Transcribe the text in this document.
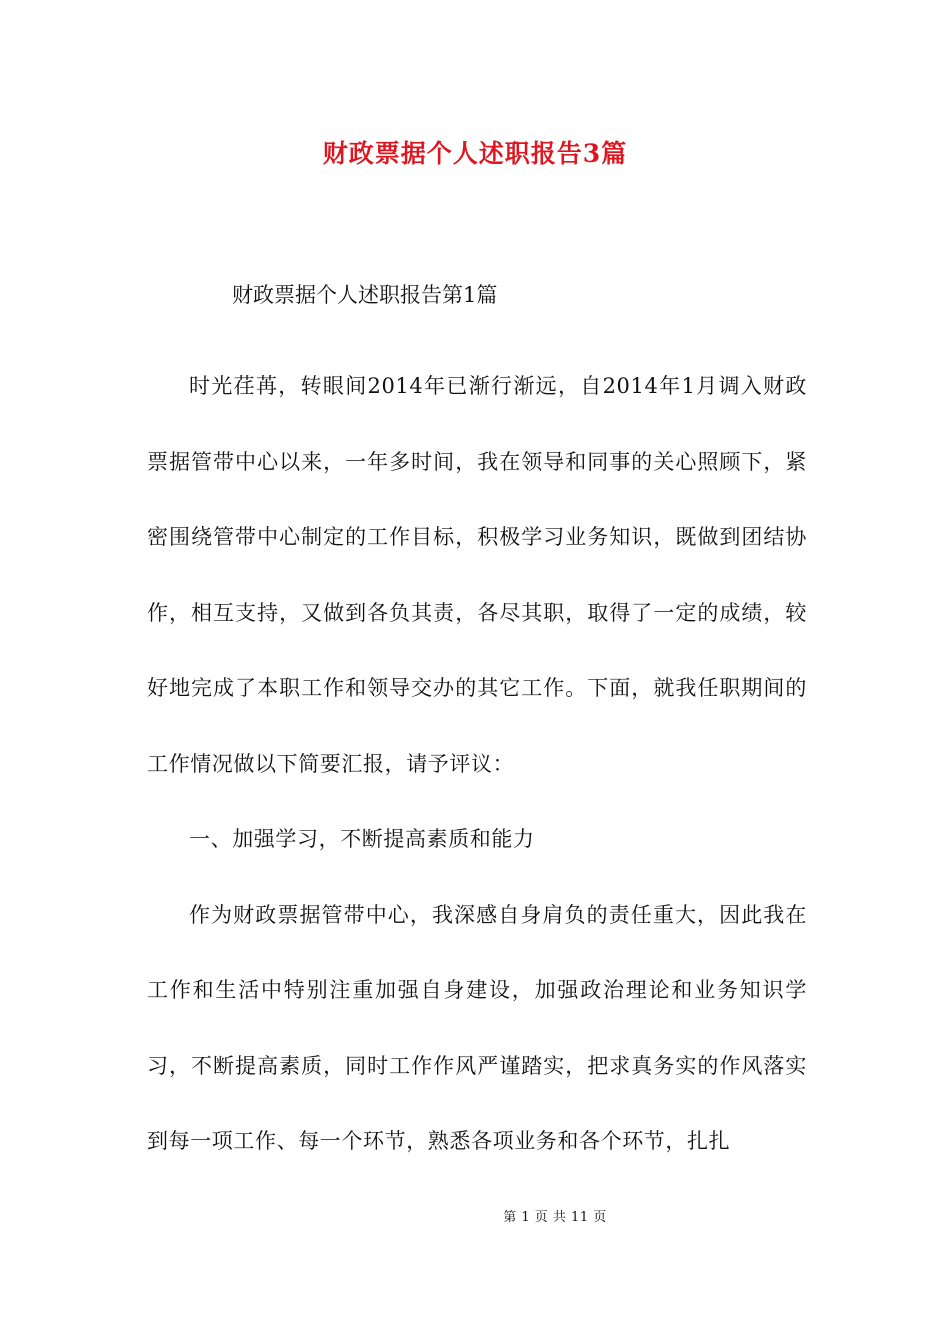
财政票据个人述职报告3篇

财政票据个人述职报告第1篇

时光荏苒，转眼间2014年已渐行渐远，自2014年1月调入财政票据管带中心以来，一年多时间，我在领导和同事的关心照顾下，紧密围绕管带中心制定的工作目标，积极学习业务知识，既做到团结协作，相互支持，又做到各负其责，各尽其职，取得了一定的成绩，较好地完成了本职工作和领导交办的其它工作。下面，就我任职期间的工作情况做以下简要汇报，请予评议：

一、加强学习，不断提高素质和能力

作为财政票据管带中心，我深感自身肩负的责任重大，因此我在工作和生活中特别注重加强自身建设，加强政治理论和业务知识学习，不断提高素质，同时工作作风严谨踏实，把求真务实的作风落实到每一项工作、每一个环节，熟悉各项业务和各个环节，扎扎

第 1 页 共 11 页
